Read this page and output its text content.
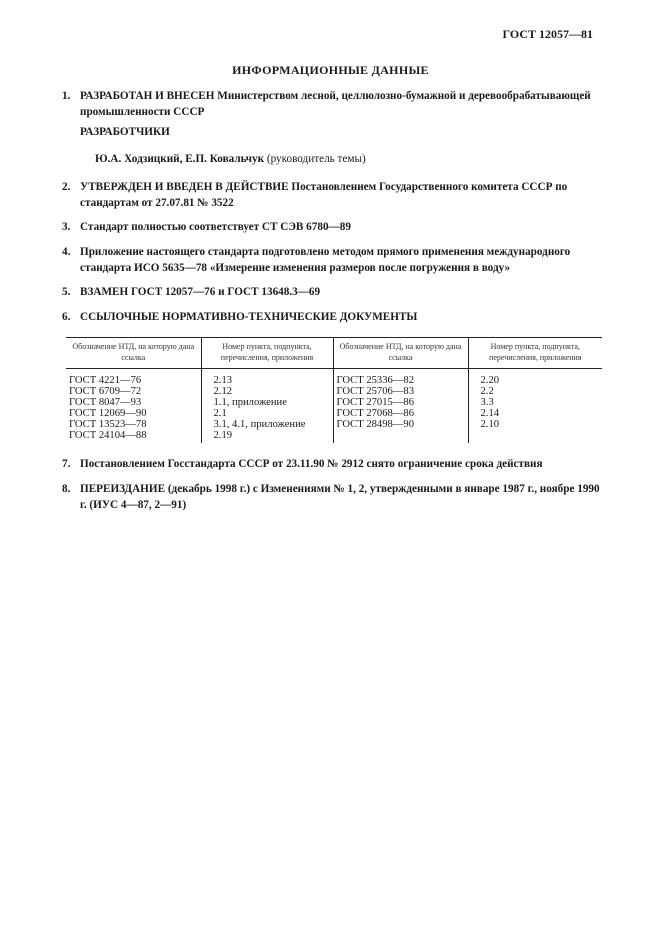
ГОСТ 12057—81
ИНФОРМАЦИОННЫЕ ДАННЫЕ
1. РАЗРАБОТАН И ВНЕСЕН Министерством лесной, целлюлозно-бумажной и деревообрабатывающей промышленности СССР
РАЗРАБОТЧИКИ
Ю.А. Ходзицкий, Е.П. Ковальчук (руководитель темы)
2. УТВЕРЖДЕН И ВВЕДЕН В ДЕЙСТВИЕ Постановлением Государственного комитета СССР по стандартам от 27.07.81 № 3522
3. Стандарт полностью соответствует СТ СЭВ 6780—89
4. Приложение настоящего стандарта подготовлено методом прямого применения международного стандарта ИСО 5635—78 «Измерение изменения размеров после погружения в воду»
5. ВЗАМЕН ГОСТ 12057—76 и ГОСТ 13648.3—69
6. ССЫЛОЧНЫЕ НОРМАТИВНО-ТЕХНИЧЕСКИЕ ДОКУМЕНТЫ
Обозначение НТД, на которую дана ссылка	Номер пункта, подпункта, перечисления, приложения	Обозначение НТД, на которую дана ссылка	Номер пункта, подпункта, перечисления, приложения
ГОСТ 4221—76	2.13	ГОСТ 25336—82	2.20
ГОСТ 6709—72	2.12	ГОСТ 25706—83	2.2
ГОСТ 8047—93	1.1, приложение	ГОСТ 27015—86	3.3
ГОСТ 12069—90	2.1	ГОСТ 27068—86	2.14
ГОСТ 13523—78	3.1, 4.1, приложение	ГОСТ 28498—90	2.10
ГОСТ 24104—88	2.19		
7. Постановлением Госстандарта СССР от 23.11.90 № 2912 снято ограничение срока действия
8. ПЕРЕИЗДАНИЕ (декабрь 1998 г.) с Изменениями № 1, 2, утвержденными в январе 1987 г., ноябре 1990 г. (ИУС 4—87, 2—91)
